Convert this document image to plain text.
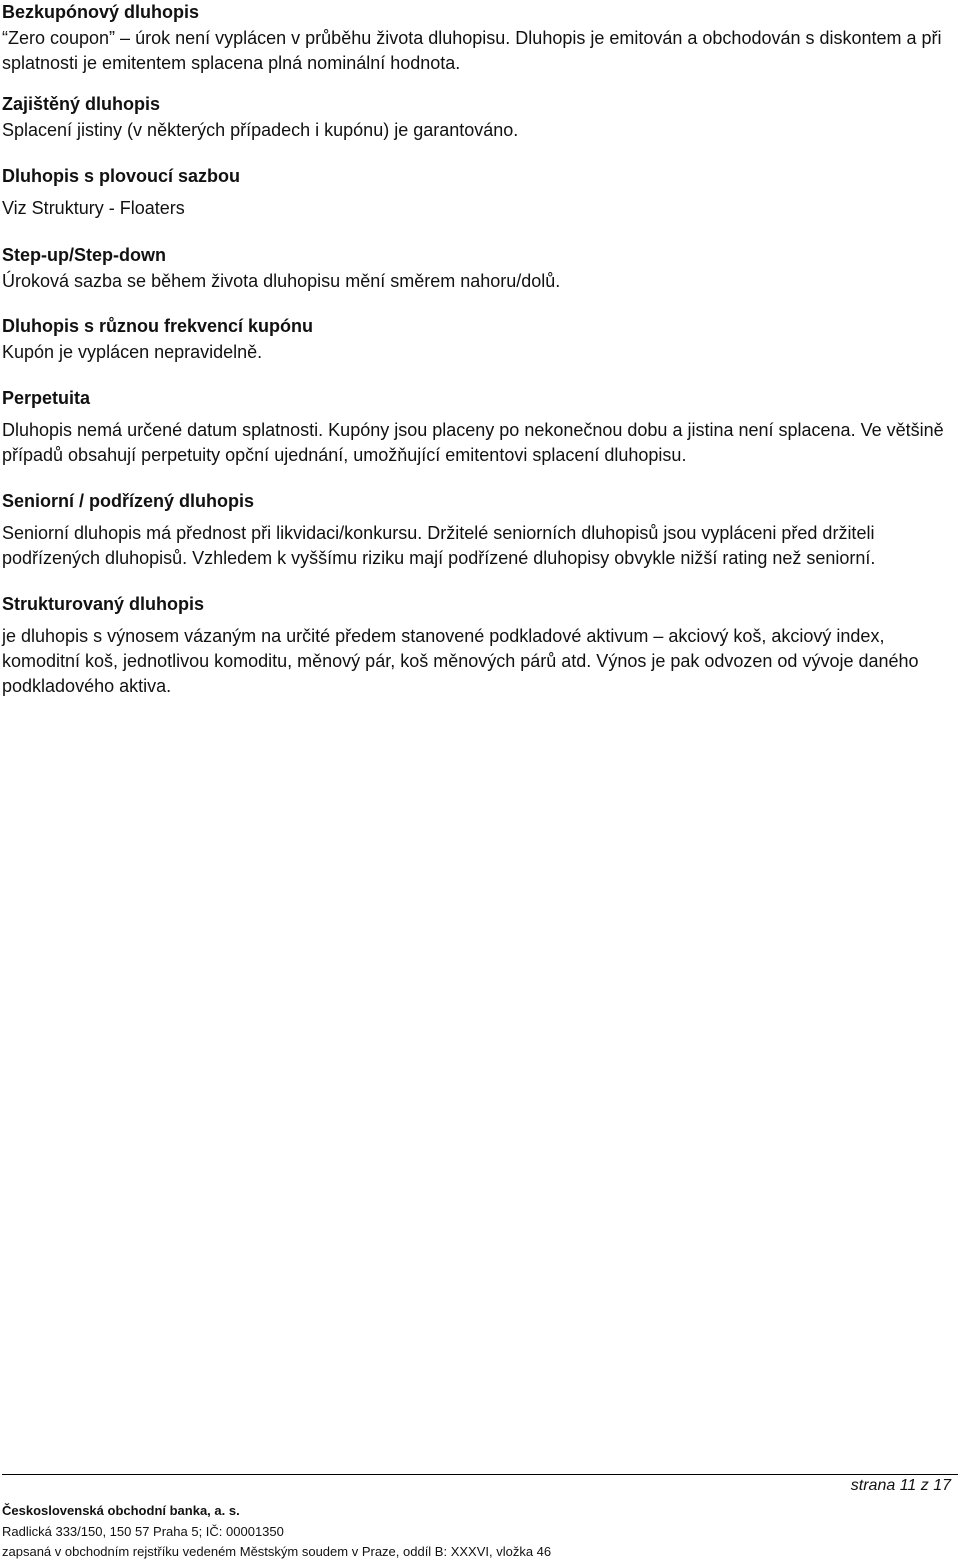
Bezkupónový dluhopis
“Zero coupon” – úrok není vyplácen v průběhu života dluhopisu. Dluhopis je emitován a obchodován s diskontem a při splatnosti je emitentem splacena plná nominální hodnota.
Zajištěný dluhopis
Splacení jistiny (v některých případech i kupónu) je garantováno.
Dluhopis s plovoucí sazbou
Viz Struktury - Floaters
Step-up/Step-down
Úroková sazba se během života dluhopisu mění směrem nahoru/dolů.
Dluhopis s různou frekvencí kupónu
Kupón je vyplácen nepravidelně.
Perpetuita
Dluhopis nemá určené datum splatnosti. Kupóny jsou placeny po nekonečnou dobu a jistina není splacena. Ve většině případů obsahují perpetuity opční ujednání, umožňující emitentovi splacení dluhopisu.
Seniorní / podřízený dluhopis
Seniorní dluhopis má přednost při likvidaci/konkursu. Držitelé seniorních dluhopisů jsou vypláceni před držiteli podřízených dluhopisů. Vzhledem k vyššímu riziku mají podřízené dluhopisy obvykle nižší rating než seniorní.
Strukturovaný dluhopis
je dluhopis s výnosem vázaným na určité předem stanovené podkladové aktivum – akciový koš, akciový index, komoditní koš, jednotlivou komoditu, měnový pár, koš měnových párů atd. Výnos je pak odvozen od vývoje daného podkladového aktiva.
strana 11 z 17
Československá obchodní banka, a. s.
Radlická 333/150, 150 57 Praha 5; IČ: 00001350
zapsaná v obchodním rejstříku vedeném Městským soudem v Praze, oddíl B: XXXVI, vložka 46
